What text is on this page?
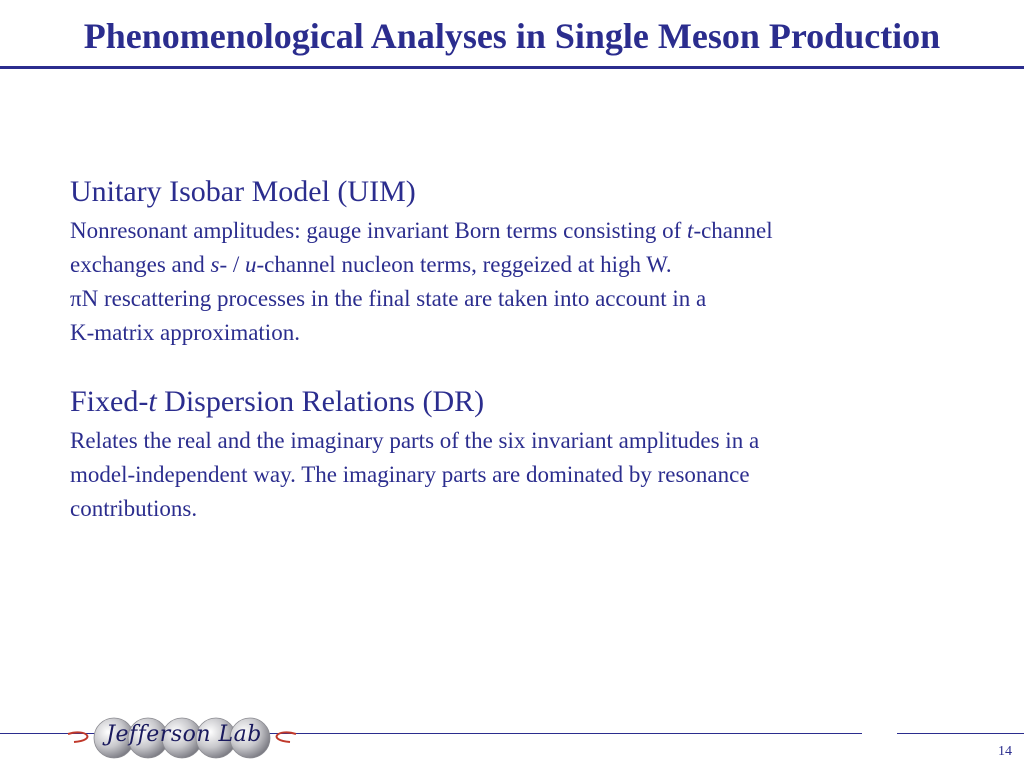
Phenomenological Analyses in Single Meson Production

Unitary Isobar Model (UIM)

Nonresonant amplitudes: gauge invariant Born terms consisting of t-channel
exchanges and s- / u-channel nucleon terms, reggeized at high W.
πN rescattering processes in the final state are taken into account in a
K-matrix approximation.

Fixed-t Dispersion Relations (DR)

Relates the real and the imaginary parts of the six invariant amplitudes in a
model-independent way. The imaginary parts are dominated by resonance
contributions.

Jefferson Lab
14
